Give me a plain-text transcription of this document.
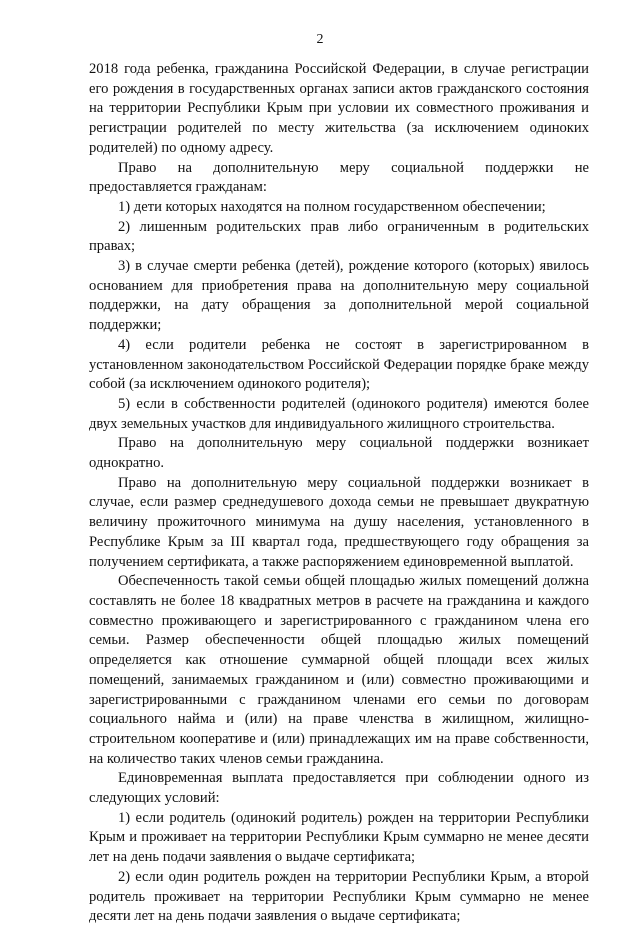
2

2018 года ребенка, гражданина Российской Федерации, в случае регистрации его рождения в государственных органах записи актов гражданского состояния на территории Республики Крым при условии их совместного проживания и регистрации родителей по месту жительства (за исключением одиноких родителей) по одному адресу.

Право на дополнительную меру социальной поддержки не предоставляется гражданам:

1) дети которых находятся на полном государственном обеспечении;

2) лишенным родительских прав либо ограниченным в родительских правах;

3) в случае смерти ребенка (детей), рождение которого (которых) явилось основанием для приобретения права на дополнительную меру социальной поддержки, на дату обращения за дополнительной мерой социальной поддержки;

4) если родители ребенка не состоят в зарегистрированном в установленном законодательством Российской Федерации порядке браке между собой (за исключением одинокого родителя);

5) если в собственности родителей (одинокого родителя) имеются более двух земельных участков для индивидуального жилищного строительства.

Право на дополнительную меру социальной поддержки возникает однократно.

Право на дополнительную меру социальной поддержки возникает в случае, если размер среднедушевого дохода семьи не превышает двукратную величину прожиточного минимума на душу населения, установленного в Республике Крым за III квартал года, предшествующего году обращения за получением сертификата, а также распоряжением единовременной выплатой.

Обеспеченность такой семьи общей площадью жилых помещений должна составлять не более 18 квадратных метров в расчете на гражданина и каждого совместно проживающего и зарегистрированного с гражданином члена его семьи. Размер обеспеченности общей площадью жилых помещений определяется как отношение суммарной общей площади всех жилых помещений, занимаемых гражданином и (или) совместно проживающими и зарегистрированными с гражданином членами его семьи по договорам социального найма и (или) на праве членства в жилищном, жилищно-строительном кооперативе и (или) принадлежащих им на праве собственности, на количество таких членов семьи гражданина.

Единовременная выплата предоставляется при соблюдении одного из следующих условий:

1) если родитель (одинокий родитель) рожден на территории Республики Крым и проживает на территории Республики Крым суммарно не менее десяти лет на день подачи заявления о выдаче сертификата;

2) если один родитель рожден на территории Республики Крым, а второй родитель проживает на территории Республики Крым суммарно не менее десяти лет на день подачи заявления о выдаче сертификата;
